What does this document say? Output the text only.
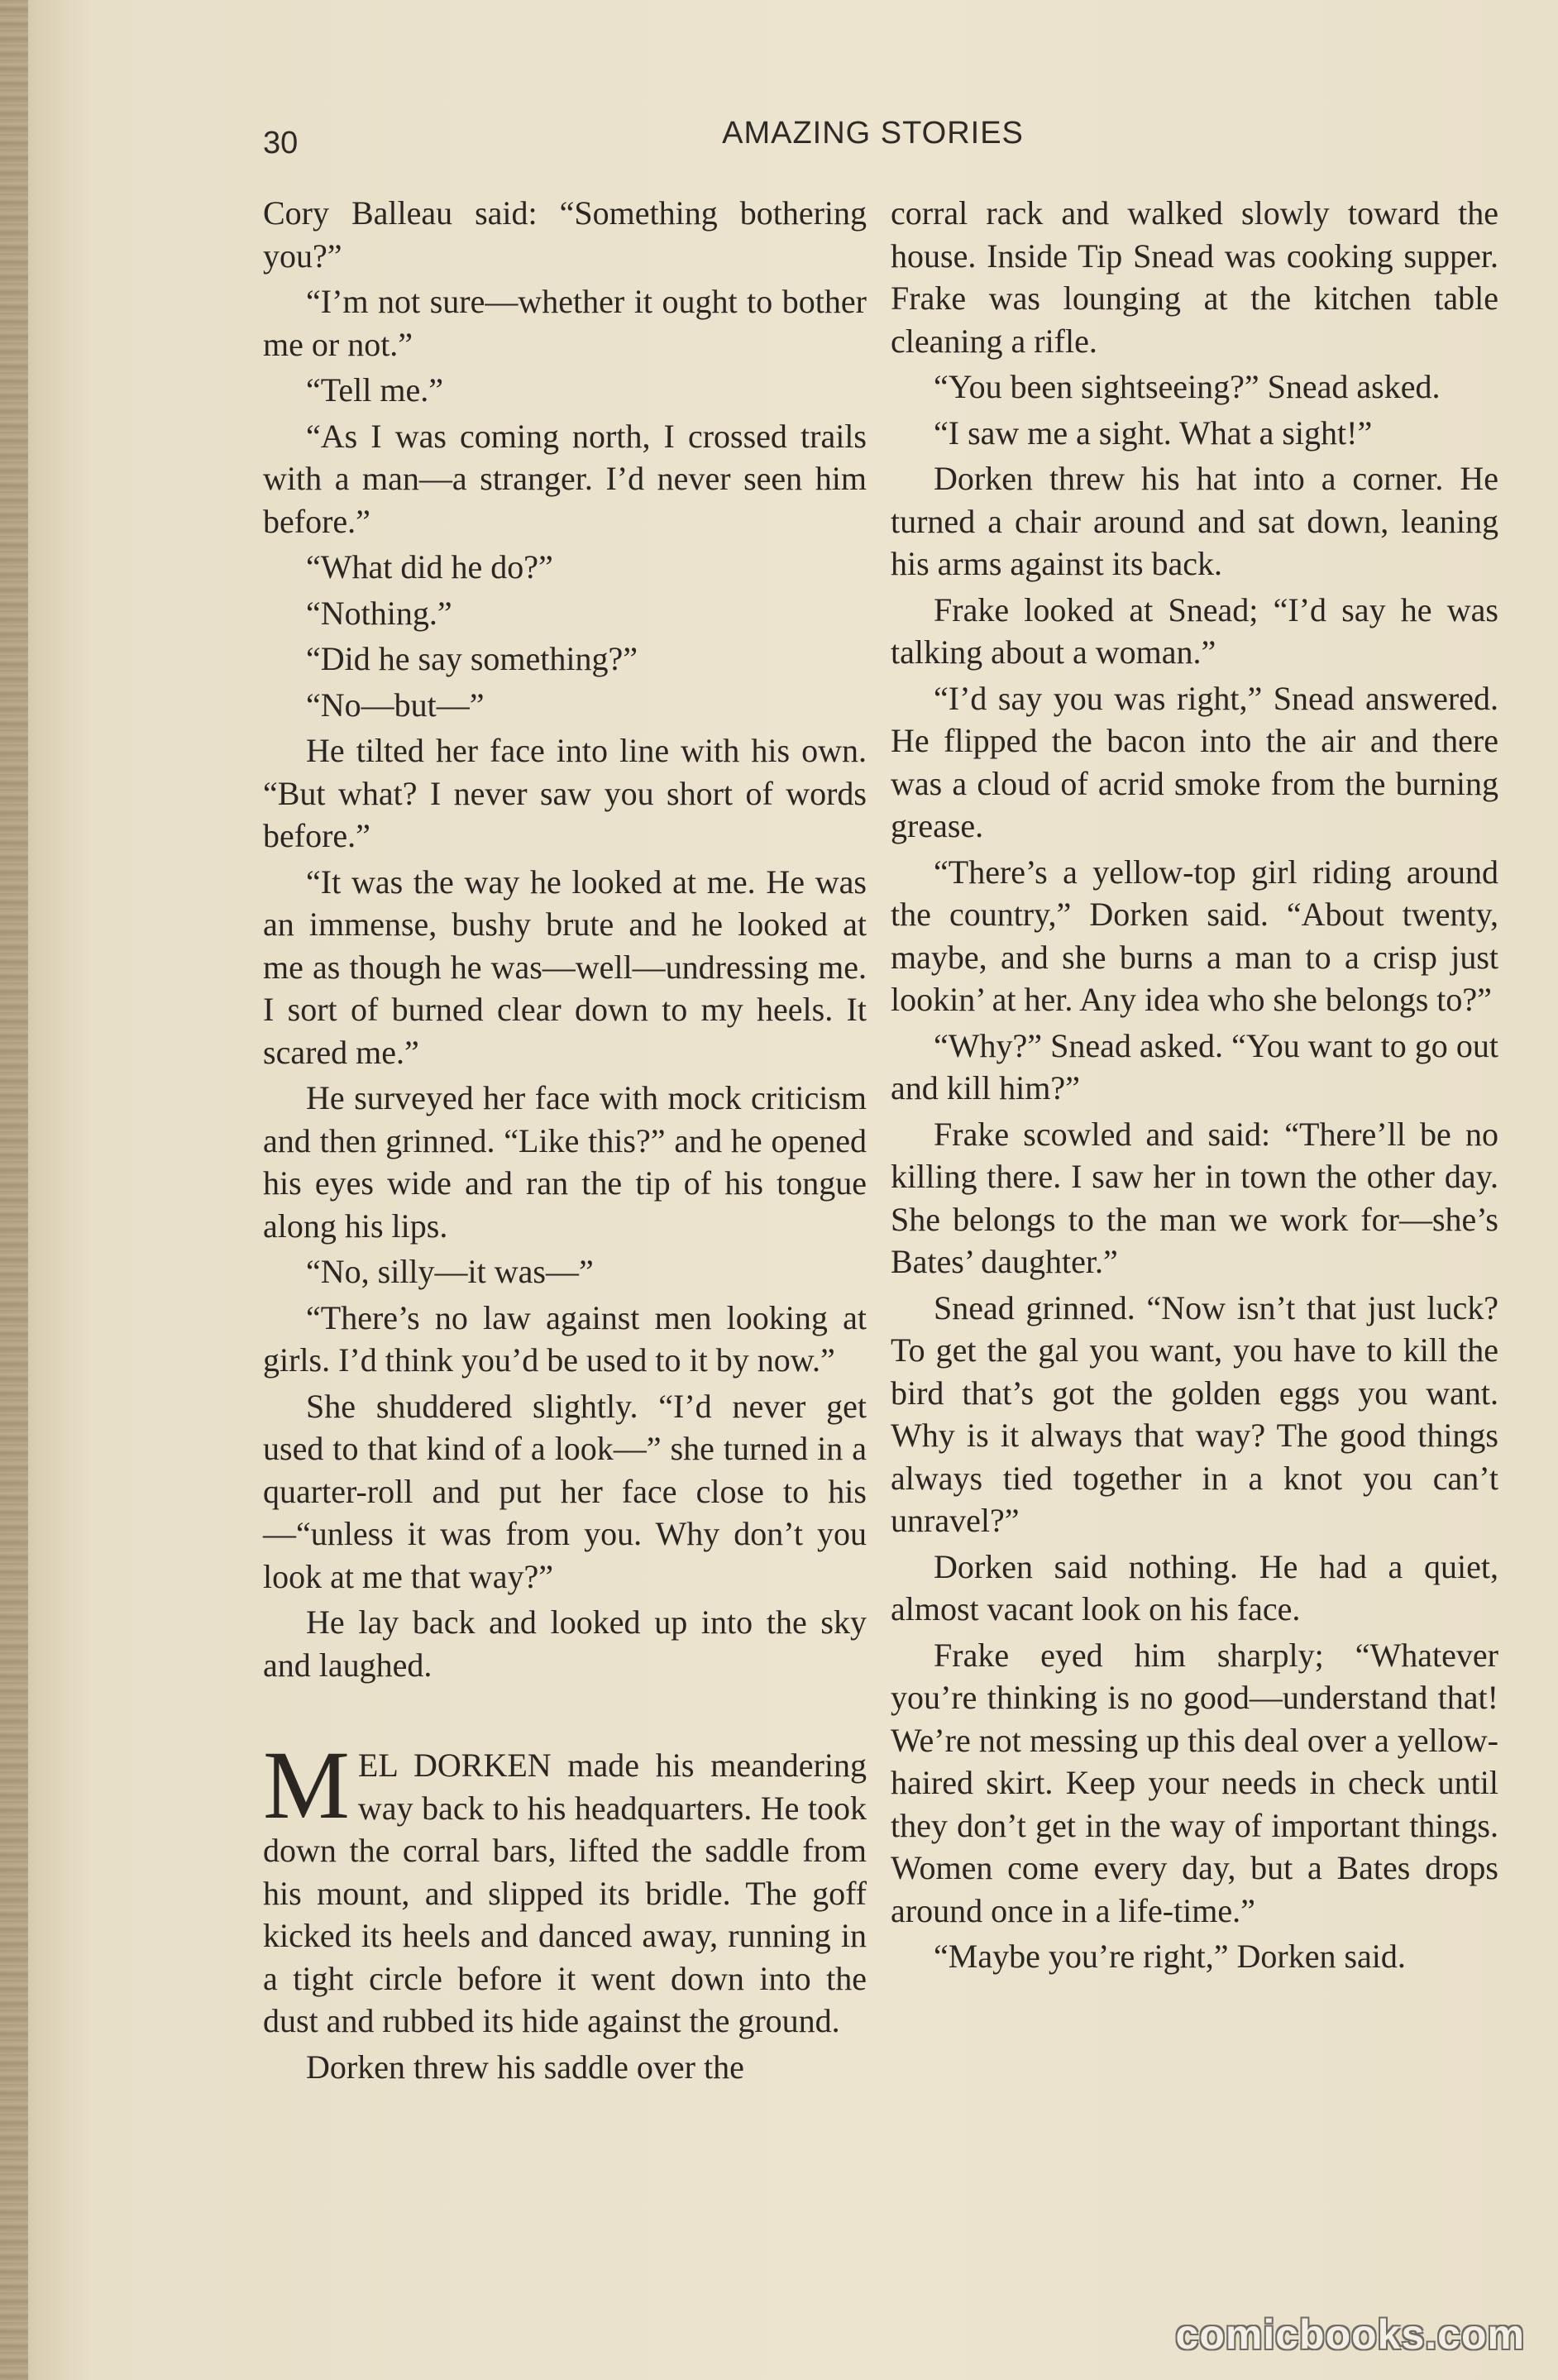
30	AMAZING STORIES

Cory Balleau said: “Something bothering you?”

“I’m not sure—whether it ought to bother me or not.”

“Tell me.”

“As I was coming north, I crossed trails with a man—a stranger. I’d never seen him before.”

“What did he do?”

“Nothing.”

“Did he say something?”

“No—but—”

He tilted her face into line with his own. “But what? I never saw you short of words before.”

“It was the way he looked at me. He was an immense, bushy brute and he looked at me as though he was—well—undressing me. I sort of burned clear down to my heels. It scared me.”

He surveyed her face with mock criticism and then grinned. “Like this?” and he opened his eyes wide and ran the tip of his tongue along his lips.

“No, silly—it was—”

“There’s no law against men looking at girls. I’d think you’d be used to it by now.”

She shuddered slightly. “I’d never get used to that kind of a look—” she turned in a quarter-roll and put her face close to his—“unless it was from you. Why don’t you look at me that way?”

He lay back and looked up into the sky and laughed.

M EL DORKEN made his meandering way back to his headquarters. He took down the corral bars, lifted the saddle from his mount, and slipped its bridle. The goff kicked its heels and danced away, running in a tight circle before it went down into the dust and rubbed its hide against the ground.

Dorken threw his saddle over the

corral rack and walked slowly toward the house. Inside Tip Snead was cooking supper. Frake was lounging at the kitchen table cleaning a rifle.

“You been sightseeing?” Snead asked.

“I saw me a sight. What a sight!”

Dorken threw his hat into a corner. He turned a chair around and sat down, leaning his arms against its back.

Frake looked at Snead; “I’d say he was talking about a woman.”

“I’d say you was right,” Snead answered. He flipped the bacon into the air and there was a cloud of acrid smoke from the burning grease.

“There’s a yellow-top girl riding around the country,” Dorken said. “About twenty, maybe, and she burns a man to a crisp just lookin’ at her. Any idea who she belongs to?”

“Why?” Snead asked. “You want to go out and kill him?”

Frake scowled and said: “There’ll be no killing there. I saw her in town the other day. She belongs to the man we work for—she’s Bates’ daughter.”

Snead grinned. “Now isn’t that just luck? To get the gal you want, you have to kill the bird that’s got the golden eggs you want. Why is it always that way? The good things always tied together in a knot you can’t unravel?”

Dorken said nothing. He had a quiet, almost vacant look on his face.

Frake eyed him sharply; “Whatever you’re thinking is no good—understand that! We’re not messing up this deal over a yellow-haired skirt. Keep your needs in check until they don’t get in the way of important things. Women come every day, but a Bates drops around once in a life-time.”

“Maybe you’re right,” Dorken said.

comicbooks.com
